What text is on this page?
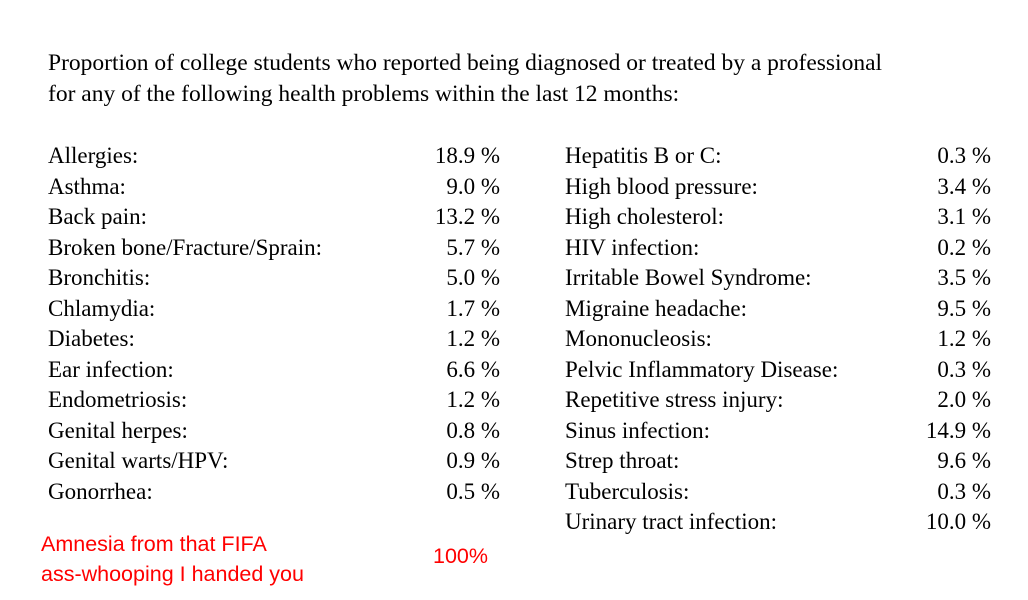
Proportion of college students who reported being diagnosed or treated by a professional
for any of the following health problems within the last 12 months:
Allergies:	18.9 %
Asthma:	9.0 %
Back pain:	13.2 %
Broken bone/Fracture/Sprain:	5.7 %
Bronchitis:	5.0 %
Chlamydia:	1.7 %
Diabetes:	1.2 %
Ear infection:	6.6 %
Endometriosis:	1.2 %
Genital herpes:	0.8 %
Genital warts/HPV:	0.9 %
Gonorrhea:	0.5 %
Hepatitis B or C:	0.3 %
High blood pressure:	3.4 %
High cholesterol:	3.1 %
HIV infection:	0.2 %
Irritable Bowel Syndrome:	3.5 %
Migraine headache:	9.5 %
Mononucleosis:	1.2 %
Pelvic Inflammatory Disease:	0.3 %
Repetitive stress injury:	2.0 %
Sinus infection:	14.9 %
Strep throat:	9.6 %
Tuberculosis:	0.3 %
Urinary tract infection:	10.0 %
Amnesia from that FIFA
ass-whooping I handed you
100%
